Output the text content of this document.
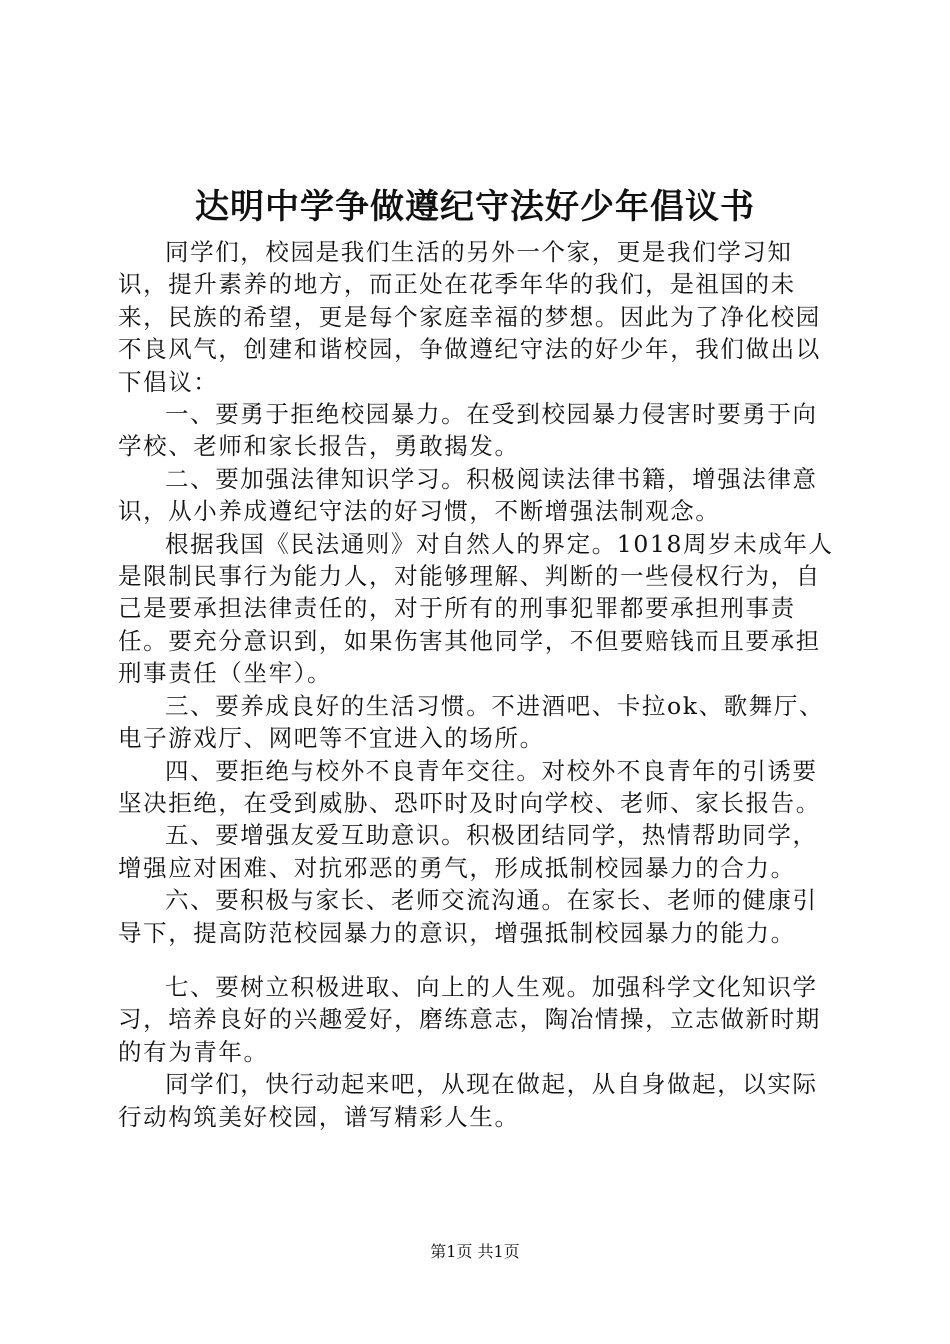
达明中学争做遵纪守法好少年倡议书

同学们，校园是我们生活的另外一个家，更是我们学习知识，提升素养的地方，而正处在花季年华的我们，是祖国的未来，民族的希望，更是每个家庭幸福的梦想。因此为了净化校园不良风气，创建和谐校园，争做遵纪守法的好少年，我们做出以下倡议：

一、要勇于拒绝校园暴力。在受到校园暴力侵害时要勇于向学校、老师和家长报告，勇敢揭发。

二、要加强法律知识学习。积极阅读法律书籍，增强法律意识，从小养成遵纪守法的好习惯，不断增强法制观念。

根据我国《民法通则》对自然人的界定。1018周岁未成年人是限制民事行为能力人，对能够理解、判断的一些侵权行为，自己是要承担法律责任的，对于所有的刑事犯罪都要承担刑事责任。要充分意识到，如果伤害其他同学，不但要赔钱而且要承担刑事责任（坐牢）。

三、要养成良好的生活习惯。不进酒吧、卡拉ok、歌舞厅、电子游戏厅、网吧等不宜进入的场所。

四、要拒绝与校外不良青年交往。对校外不良青年的引诱要坚决拒绝，在受到威胁、恐吓时及时向学校、老师、家长报告。

五、要增强友爱互助意识。积极团结同学，热情帮助同学，增强应对困难、对抗邪恶的勇气，形成抵制校园暴力的合力。

六、要积极与家长、老师交流沟通。在家长、老师的健康引导下，提高防范校园暴力的意识，增强抵制校园暴力的能力。

七、要树立积极进取、向上的人生观。加强科学文化知识学习，培养良好的兴趣爱好，磨练意志，陶冶情操，立志做新时期的有为青年。

同学们，快行动起来吧，从现在做起，从自身做起，以实际行动构筑美好校园，谱写精彩人生。

第1页 共1页
